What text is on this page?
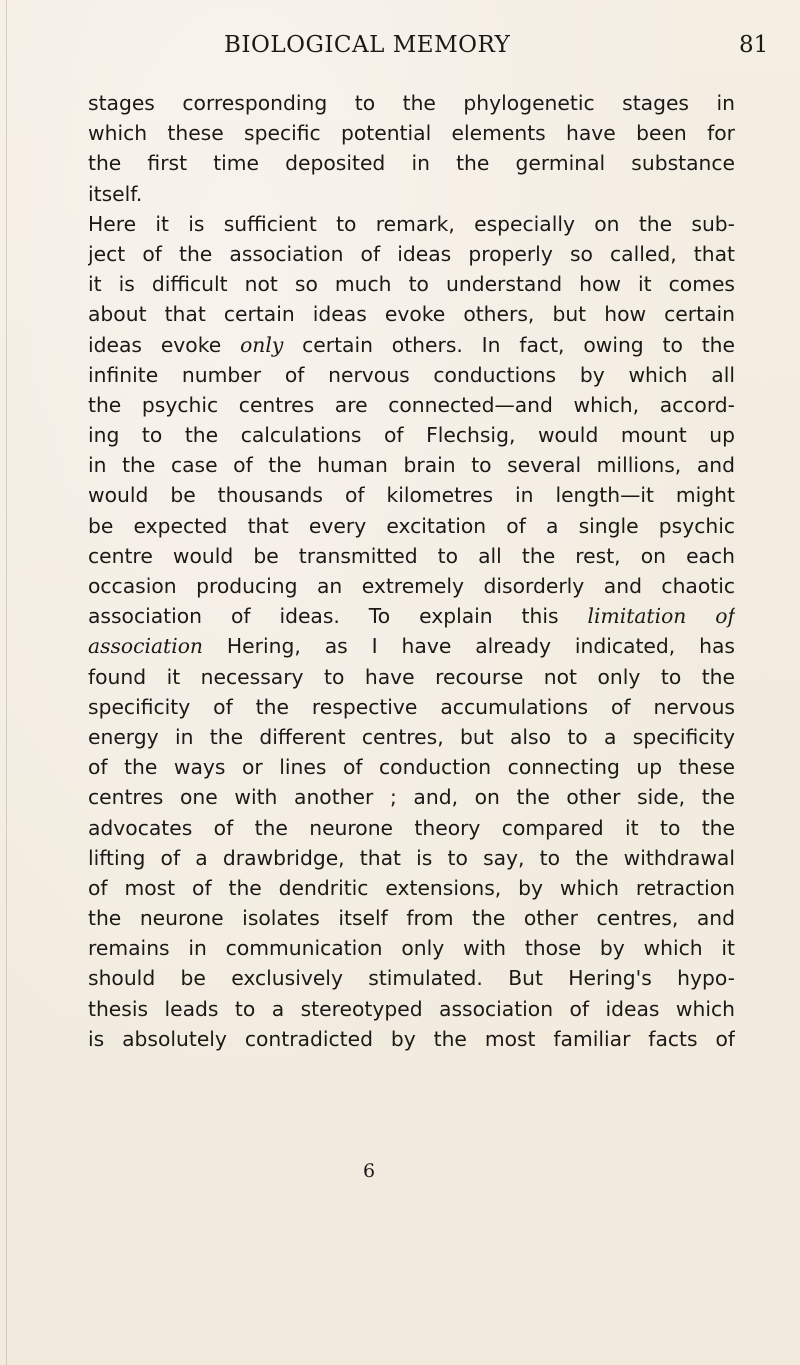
BIOLOGICAL MEMORY	81
stages corresponding to the phylogenetic stages in
which these specific potential elements have been for
the first time deposited in the germinal substance
itself.
Here it is sufficient to remark, especially on the sub-
ject of the association of ideas properly so called, that
it is difficult not so much to understand how it comes
about that certain ideas evoke others, but how certain
ideas evoke only certain others. In fact, owing to the
infinite number of nervous conductions by which all
the psychic centres are connected—and which, accord-
ing to the calculations of Flechsig, would mount up
in the case of the human brain to several millions, and
would be thousands of kilometres in length—it might
be expected that every excitation of a single psychic
centre would be transmitted to all the rest, on each
occasion producing an extremely disorderly and chaotic
association of ideas. To explain this limitation of
association Hering, as I have already indicated, has
found it necessary to have recourse not only to the
specificity of the respective accumulations of nervous
energy in the different centres, but also to a specificity
of the ways or lines of conduction connecting up these
centres one with another ; and, on the other side, the
advocates of the neurone theory compared it to the
lifting of a drawbridge, that is to say, to the withdrawal
of most of the dendritic extensions, by which retraction
the neurone isolates itself from the other centres, and
remains in communication only with those by which it
should be exclusively stimulated. But Hering's hypo-
thesis leads to a stereotyped association of ideas which
is absolutely contradicted by the most familiar facts of
6
